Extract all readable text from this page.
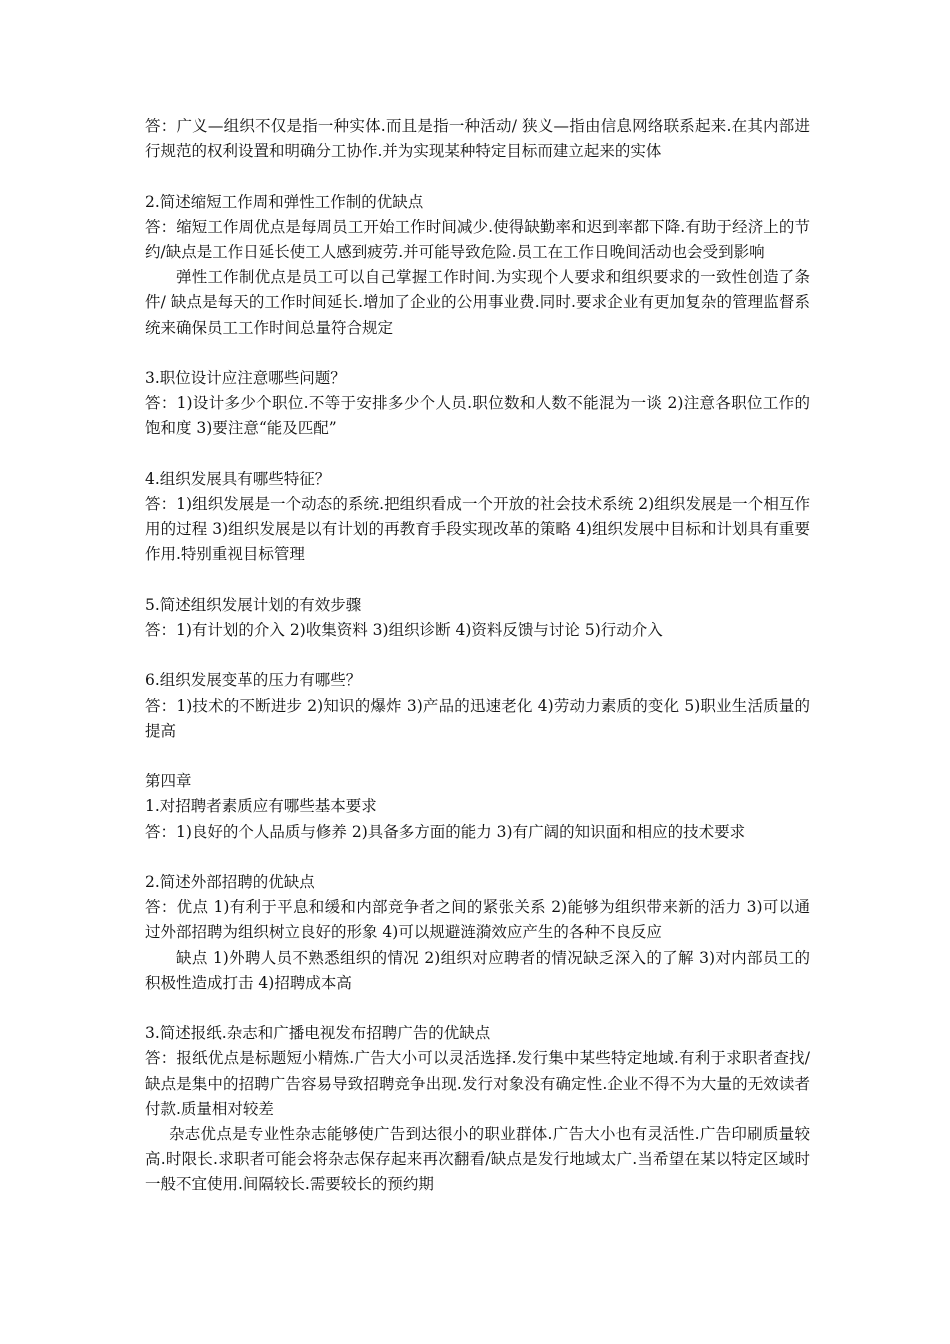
答：广义—组织不仅是指一种实体.而且是指一种活动/ 狭义—指由信息网络联系起来.在其内部进行规范的权利设置和明确分工协作.并为实现某种特定目标而建立起来的实体

2.简述缩短工作周和弹性工作制的优缺点

答：缩短工作周优点是每周员工开始工作时间减少.使得缺勤率和迟到率都下降.有助于经济上的节约/缺点是工作日延长使工人感到疲劳.并可能导致危险.员工在工作日晚间活动也会受到影响

弹性工作制优点是员工可以自己掌握工作时间.为实现个人要求和组织要求的一致性创造了条件/ 缺点是每天的工作时间延长.增加了企业的公用事业费.同时.要求企业有更加复杂的管理监督系统来确保员工工作时间总量符合规定

3.职位设计应注意哪些问题？

答：1)设计多少个职位.不等于安排多少个人员.职位数和人数不能混为一谈 2)注意各职位工作的饱和度 3)要注意“能及匹配”

4.组织发展具有哪些特征？

答：1)组织发展是一个动态的系统.把组织看成一个开放的社会技术系统 2)组织发展是一个相互作用的过程 3)组织发展是以有计划的再教育手段实现改革的策略 4)组织发展中目标和计划具有重要作用.特别重视目标管理

5.简述组织发展计划的有效步骤

答：1)有计划的介入 2)收集资料 3)组织诊断 4)资料反馈与讨论 5)行动介入

6.组织发展变革的压力有哪些？

答：1)技术的不断进步 2)知识的爆炸 3)产品的迅速老化 4)劳动力素质的变化 5)职业生活质量的提高

第四章

1.对招聘者素质应有哪些基本要求

答：1)良好的个人品质与修养 2)具备多方面的能力 3)有广阔的知识面和相应的技术要求

2.简述外部招聘的优缺点

答：优点 1)有利于平息和缓和内部竞争者之间的紧张关系 2)能够为组织带来新的活力 3)可以通过外部招聘为组织树立良好的形象 4)可以规避涟漪效应产生的各种不良反应

缺点 1)外聘人员不熟悉组织的情况 2)组织对应聘者的情况缺乏深入的了解 3)对内部员工的积极性造成打击 4)招聘成本高

3.简述报纸.杂志和广播电视发布招聘广告的优缺点

答：报纸优点是标题短小精炼.广告大小可以灵活选择.发行集中某些特定地域.有利于求职者查找/缺点是集中的招聘广告容易导致招聘竞争出现.发行对象没有确定性.企业不得不为大量的无效读者付款.质量相对较差

杂志优点是专业性杂志能够使广告到达很小的职业群体.广告大小也有灵活性.广告印刷质量较高.时限长.求职者可能会将杂志保存起来再次翻看/缺点是发行地域太广.当希望在某以特定区域时一般不宜使用.间隔较长.需要较长的预约期
